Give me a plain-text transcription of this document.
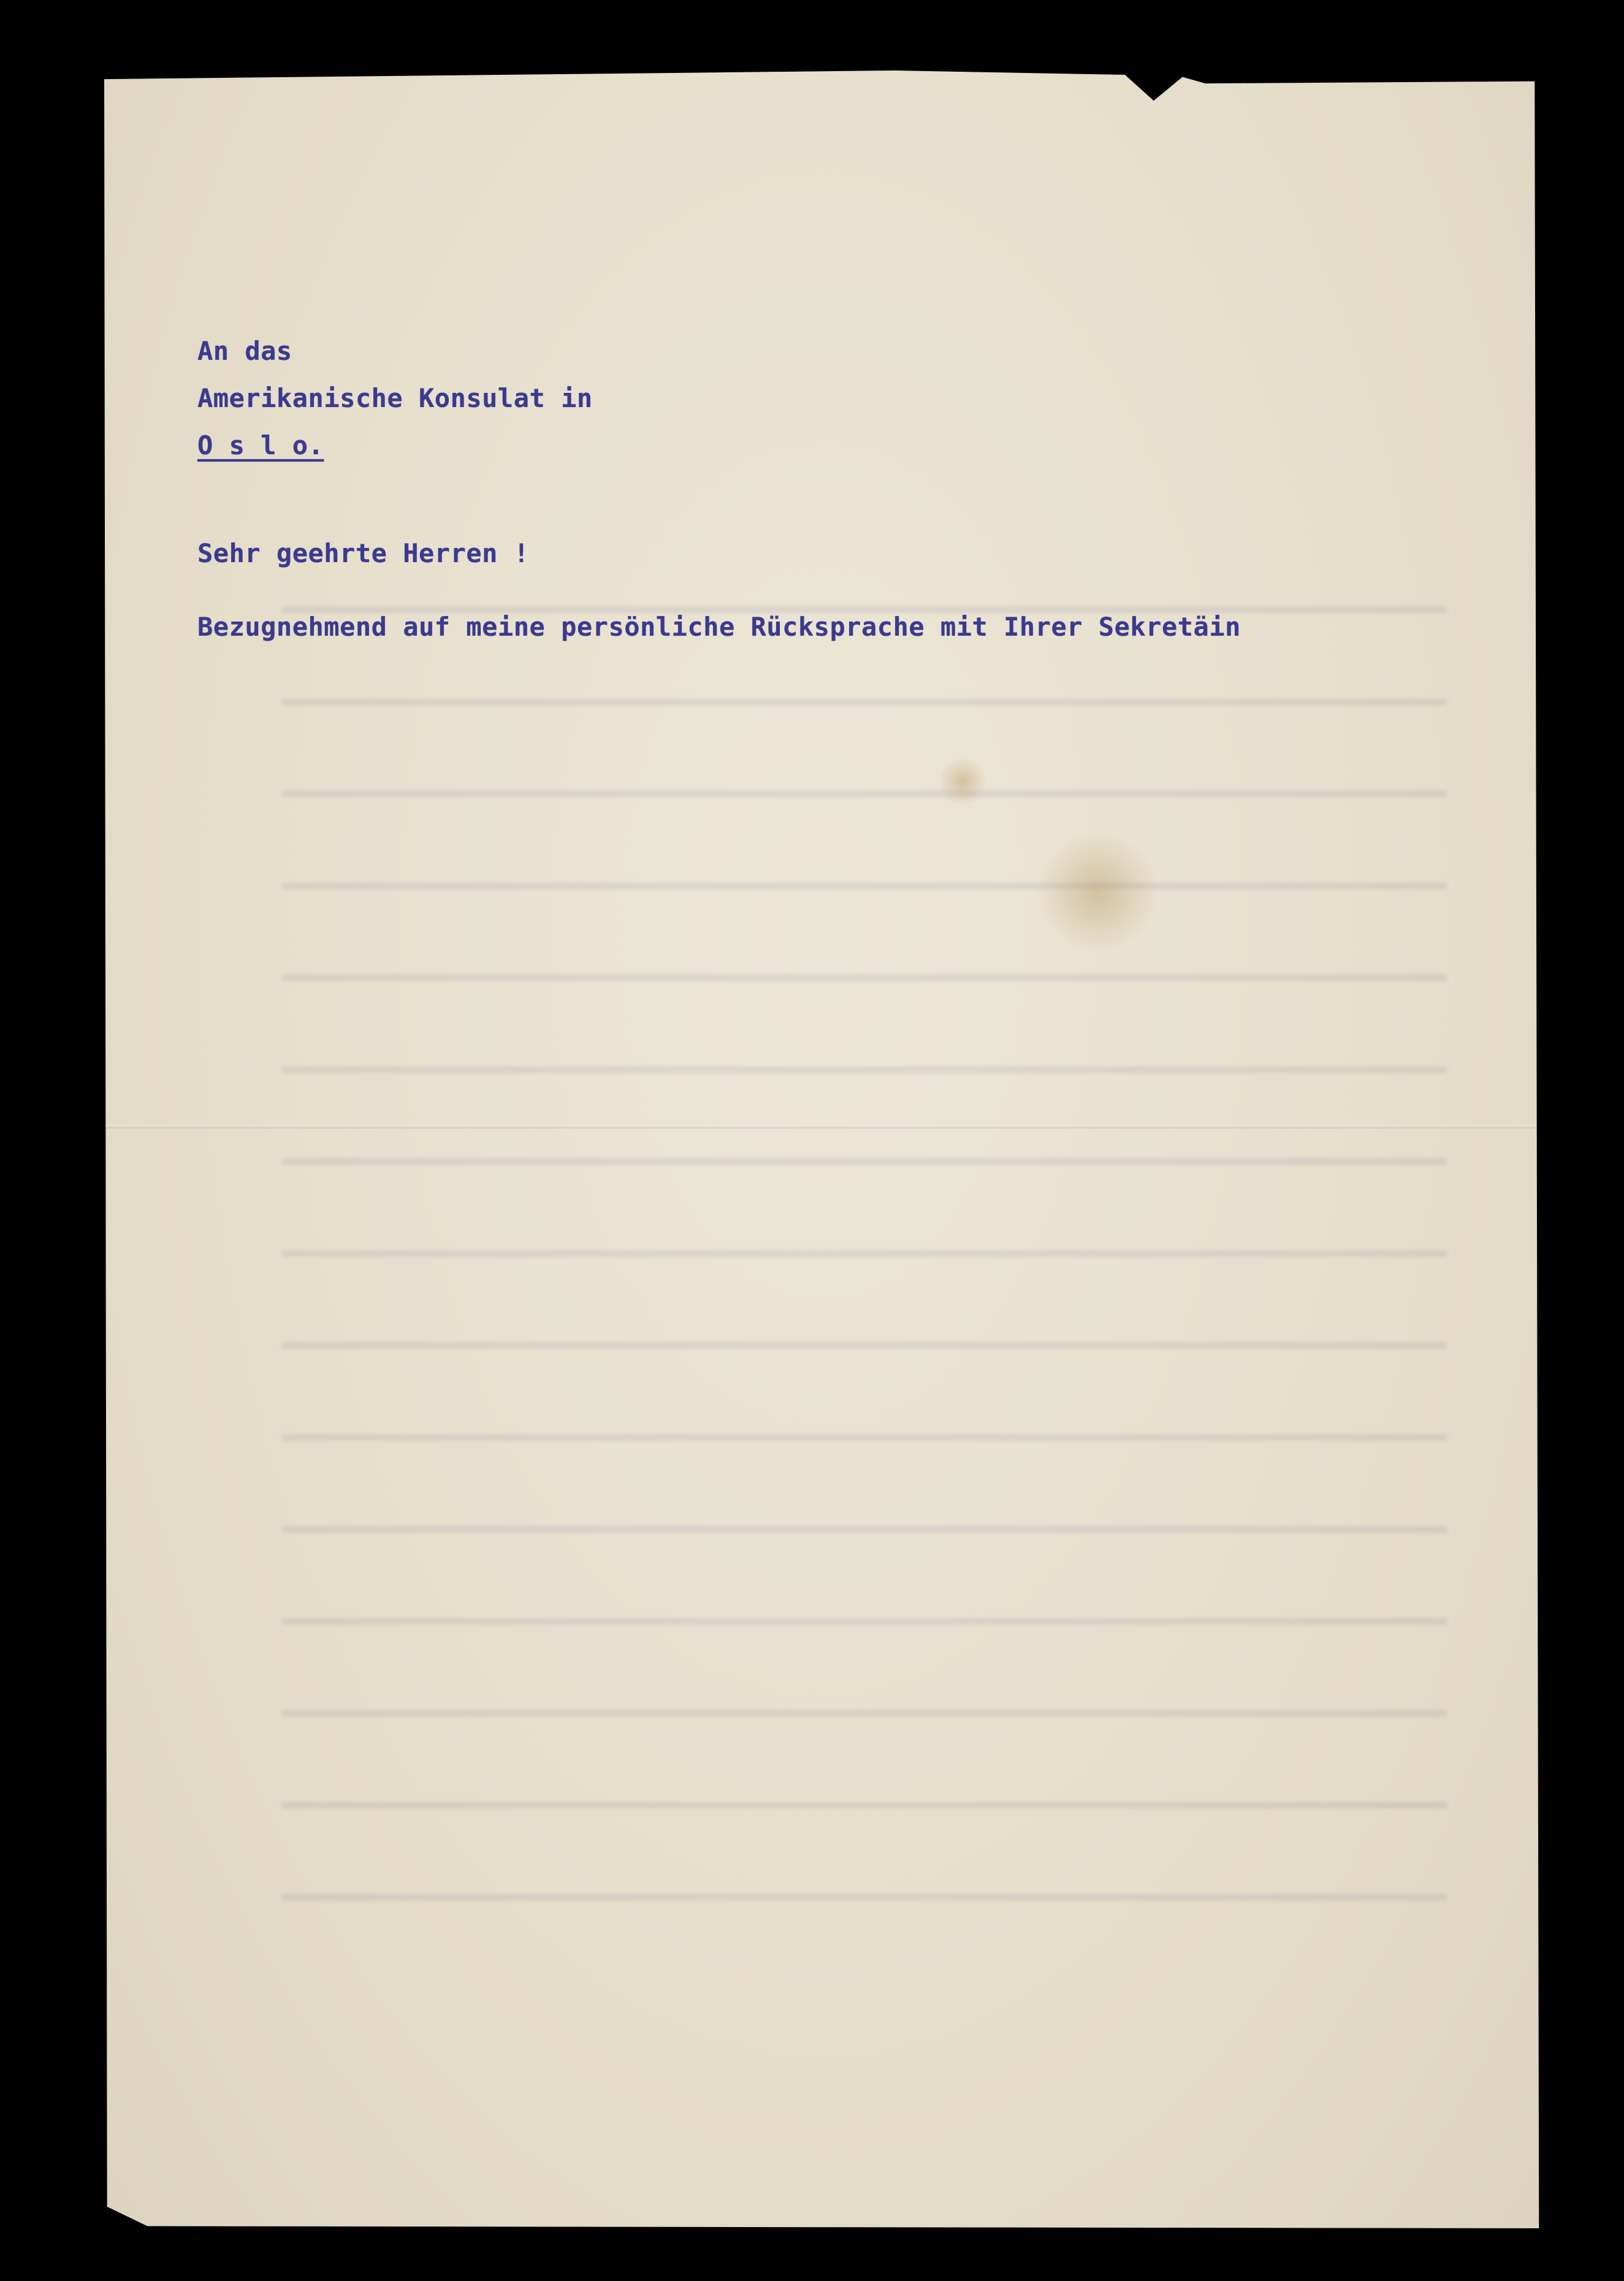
An das
Amerikanische Konsulat in
O s l o.
Sehr geehrte Herren !
Bezugnehmend auf meine persönliche Rücksprache mit Ihrer Sekretäin
